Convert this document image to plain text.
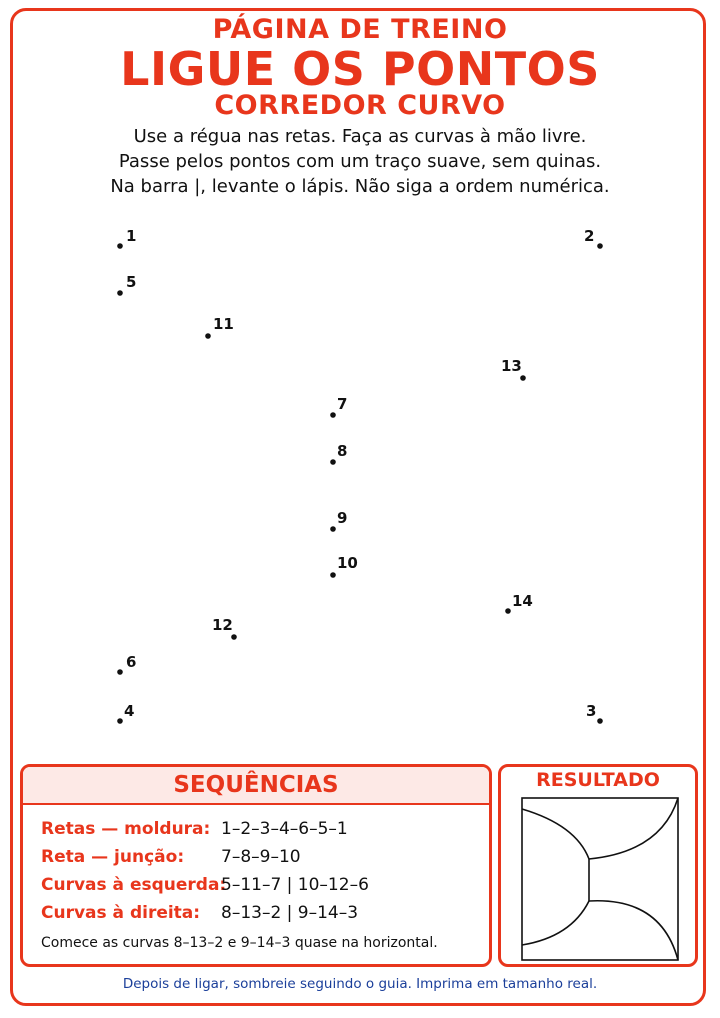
PÁGINA DE TREINO
LIGUE OS PONTOS
CORREDOR CURVO
Use a régua nas retas. Faça as curvas à mão livre.
Passe pelos pontos com um traço suave, sem quinas.
Na barra |, levante o lápis. Não siga a ordem numérica.
1	2
3
4
5
6
7
8
9
10
11
12
13
14
SEQUÊNCIAS
Retas — moldura: 1–2–3–4–6–5–1
Reta — junção: 7–8–9–10
Curvas à esquerda:
5–11–7 | 10–12–6
Curvas à direita: 8–13–2 | 9–14–3
Comece as curvas 8–13–2 e 9–14–3 quase na horizontal.
RESULTADO
Depois de ligar, sombreie seguindo o guia. Imprima em tamanho real.
